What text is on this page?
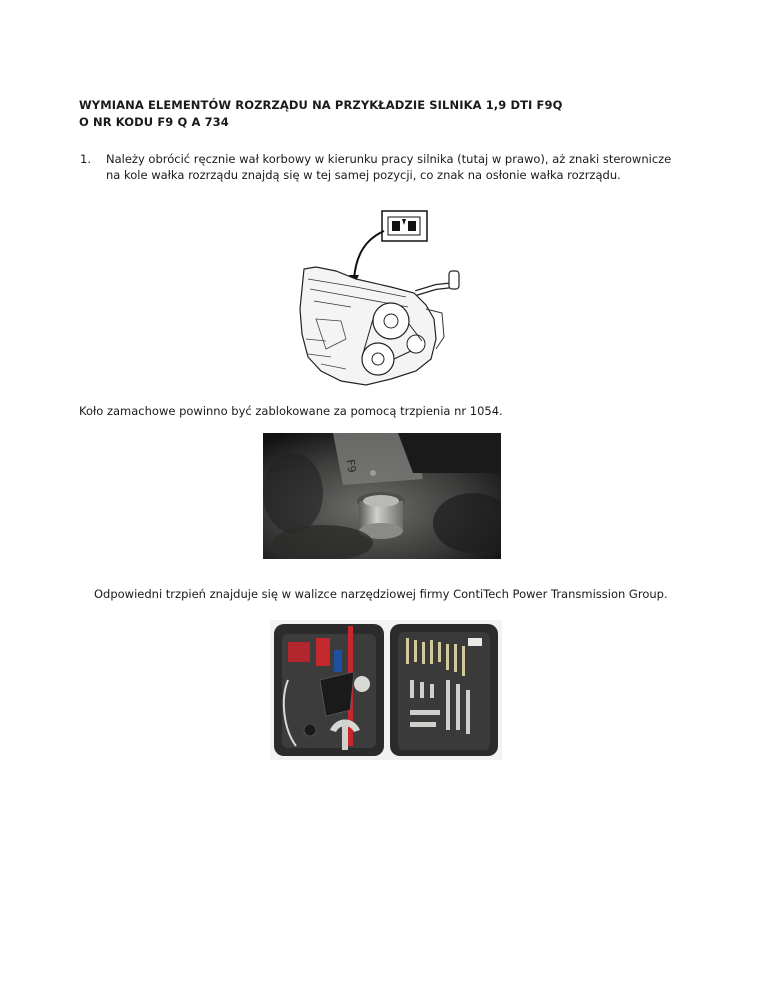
WYMIANA ELEMENTÓW ROZRZĄDU NA PRZYKŁADZIE SILNIKA 1,9 DTI F9Q
O NR KODU F9 Q A 734
1. Należy obrócić ręcznie wał korbowy w kierunku pracy silnika (tutaj w prawo), aż znaki sterownicze na kole wałka rozrządu znajdą się w tej samej pozycji, co znak na osłonie wałka rozrządu.
Koło zamachowe powinno być zablokowane za pomocą trzpienia nr 1054.
F9
Odpowiedni trzpień znajduje się w walizce narzędziowej firmy ContiTech Power Transmission Group.
